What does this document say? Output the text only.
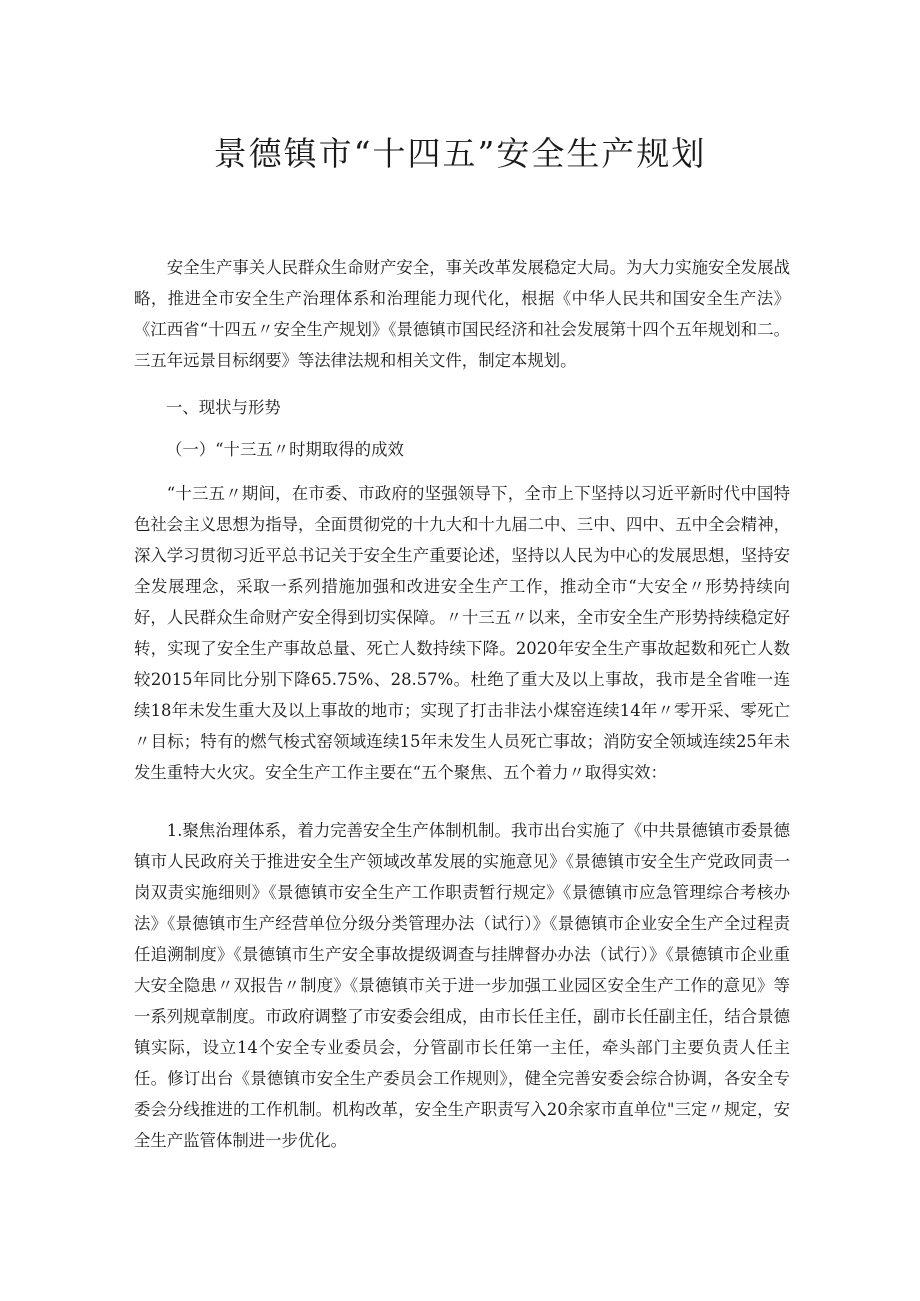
景德镇市“十四五”安全生产规划

安全生产事关人民群众生命财产安全，事关改革发展稳定大局。为大力实施安全发展战略，推进全市安全生产治理体系和治理能力现代化，根据《中华人民共和国安全生产法》《江西省“十四五〃安全生产规划》《景德镇市国民经济和社会发展第十四个五年规划和二。三五年远景目标纲要》等法律法规和相关文件，制定本规划。

一、现状与形势

（一）“十三五〃时期取得的成效

“十三五〃期间，在市委、市政府的坚强领导下，全市上下坚持以习近平新时代中国特色社会主义思想为指导，全面贯彻党的十九大和十九届二中、三中、四中、五中全会精神，深入学习贯彻习近平总书记关于安全生产重要论述，坚持以人民为中心的发展思想，坚持安全发展理念，采取一系列措施加强和改进安全生产工作，推动全市“大安全〃形势持续向好，人民群众生命财产安全得到切实保障。〃十三五〃以来，全市安全生产形势持续稳定好转，实现了安全生产事故总量、死亡人数持续下降。2020年安全生产事故起数和死亡人数较2015年同比分别下降65.75%、28.57%。杜绝了重大及以上事故，我市是全省唯一连续18年未发生重大及以上事故的地市；实现了打击非法小煤窑连续14年〃零开采、零死亡〃目标；特有的燃气梭式窑领域连续15年未发生人员死亡事故；消防安全领域连续25年未发生重特大火灾。安全生产工作主要在“五个聚焦、五个着力〃取得实效：

1.聚焦治理体系，着力完善安全生产体制机制。我市出台实施了《中共景德镇市委景德镇市人民政府关于推进安全生产领域改革发展的实施意见》《景德镇市安全生产党政同责一岗双责实施细则》《景德镇市安全生产工作职责暂行规定》《景德镇市应急管理综合考核办法》《景德镇市生产经营单位分级分类管理办法（试行）》《景德镇市企业安全生产全过程责任追溯制度》《景德镇市生产安全事故提级调查与挂牌督办办法（试行）》《景德镇市企业重大安全隐患〃双报告〃制度》《景德镇市关于进一步加强工业园区安全生产工作的意见》等一系列规章制度。市政府调整了市安委会组成，由市长任主任，副市长任副主任，结合景德镇实际，设立14个安全专业委员会，分管副市长任第一主任，牵头部门主要负责人任主任。修订出台《景德镇市安全生产委员会工作规则》，健全完善安委会综合协调，各安全专委会分线推进的工作机制。机构改革，安全生产职责写入20余家市直单位"三定〃规定，安全生产监管体制进一步优化。
